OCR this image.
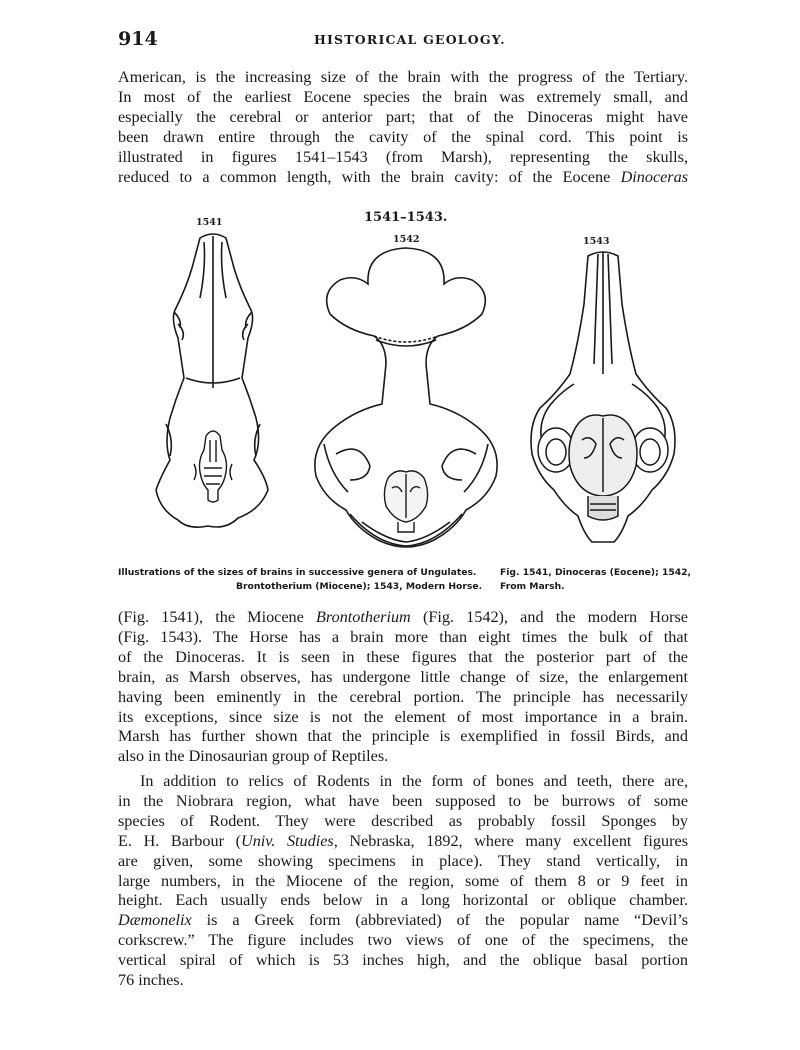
914	HISTORICAL GEOLOGY.

American, is the increasing size of the brain with the progress of the Tertiary.
In most of the earliest Eocene species the brain was extremely small, and
especially the cerebral or anterior part; that of the Dinoceras might have
been drawn entire through the cavity of the spinal cord. This point is
illustrated in figures 1541–1543 (from Marsh), representing the skulls,
reduced to a common length, with the brain cavity: of the Eocene Dinoceras

1541–1543.
1541
1542	1543
Illustrations of the sizes of brains in successive genera of Ungulates.
Brontotherium (Miocene); 1543, Modern Horse.
Fig. 1541, Dinoceras (Eocene); 1542,
From Marsh.

(Fig. 1541), the Miocene Brontotherium (Fig. 1542), and the modern Horse
(Fig. 1543). The Horse has a brain more than eight times the bulk of that
of the Dinoceras. It is seen in these figures that the posterior part of the
brain, as Marsh observes, has undergone little change of size, the enlargement
having been eminently in the cerebral portion. The principle has necessarily
its exceptions, since size is not the element of most importance in a brain.
Marsh has further shown that the principle is exemplified in fossil Birds, and
also in the Dinosaurian group of Reptiles.

In addition to relics of Rodents in the form of bones and teeth, there are,
in the Niobrara region, what have been supposed to be burrows of some
species of Rodent. They were described as probably fossil Sponges by
E. H. Barbour (Univ. Studies, Nebraska, 1892, where many excellent figures
are given, some showing specimens in place). They stand vertically, in
large numbers, in the Miocene of the region, some of them 8 or 9 feet in
height. Each usually ends below in a long horizontal or oblique chamber.
Dæmonelix is a Greek form (abbreviated) of the popular name “Devil’s
corkscrew.” The figure includes two views of one of the specimens, the
vertical spiral of which is 53 inches high, and the oblique basal portion
76 inches.
